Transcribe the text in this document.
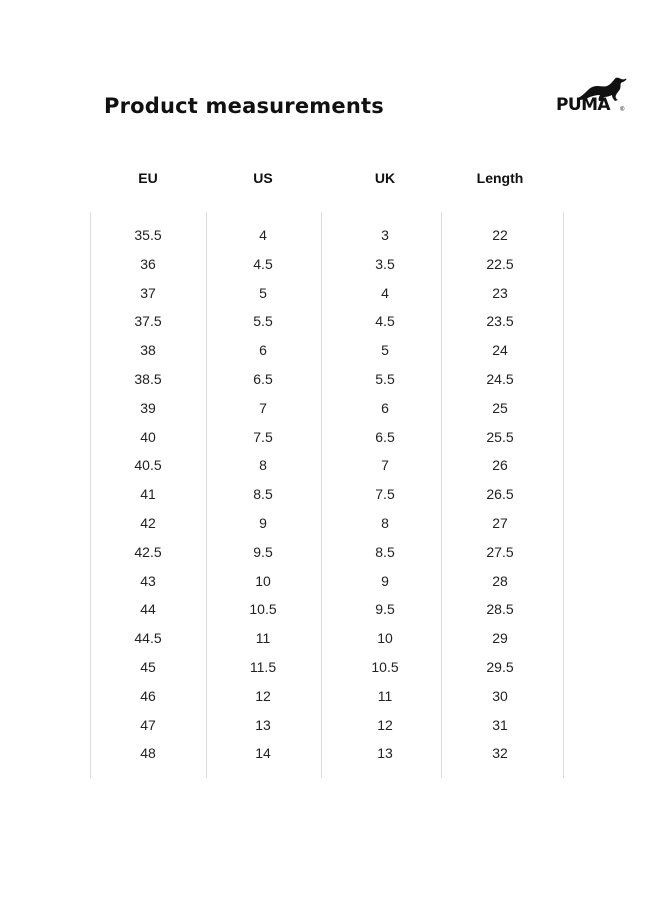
Product measurements	PUMA ®
EU	US	UK	Length
35.5	4	3	22
36	4.5	3.5	22.5
37	5	4	23
37.5	5.5	4.5	23.5
38	6	5	24
38.5	6.5	5.5	24.5
39	7	6	25
40	7.5	6.5	25.5
40.5	8	7	26
41	8.5	7.5	26.5
42	9	8	27
42.5	9.5	8.5	27.5
43	10	9	28
44	10.5	9.5	28.5
44.5	11	10	29
45	11.5	10.5	29.5
46	12	11	30
47	13	12	31
48	14	13	32
